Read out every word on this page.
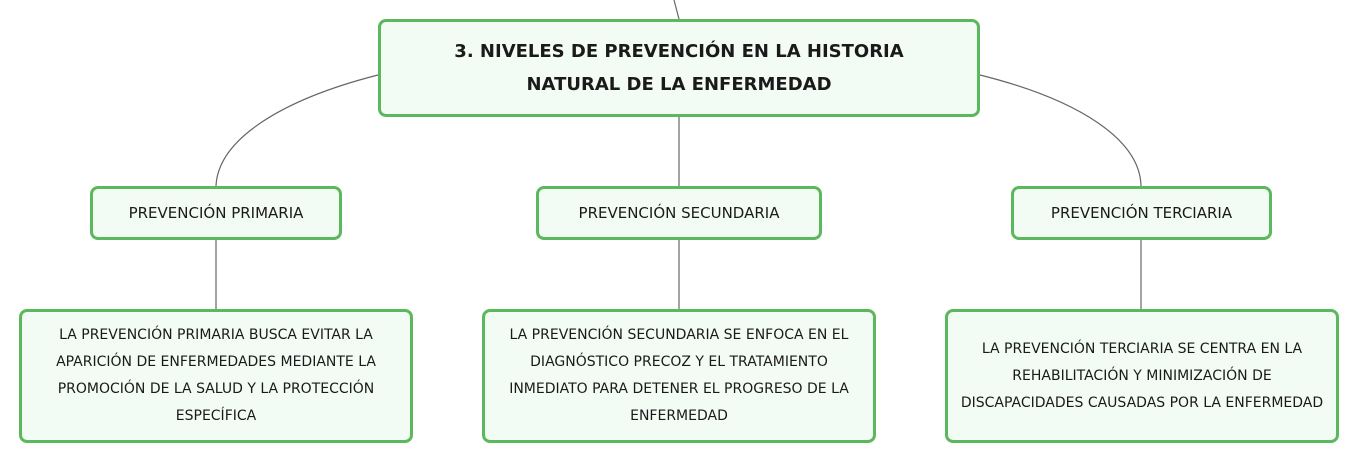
3. NIVELES DE PREVENCIÓN EN LA HISTORIA NATURAL DE LA ENFERMEDAD
PREVENCIÓN PRIMARIA	PREVENCIÓN SECUNDARIA	PREVENCIÓN TERCIARIA
LA PREVENCIÓN PRIMARIA BUSCA EVITAR LA APARICIÓN DE ENFERMEDADES MEDIANTE LA PROMOCIÓN DE LA SALUD Y LA PROTECCIÓN ESPECÍFICA
LA PREVENCIÓN SECUNDARIA SE ENFOCA EN EL DIAGNÓSTICO PRECOZ Y EL TRATAMIENTO INMEDIATO PARA DETENER EL PROGRESO DE LA ENFERMEDAD
LA PREVENCIÓN TERCIARIA SE CENTRA EN LA REHABILITACIÓN Y MINIMIZACIÓN DE DISCAPACIDADES CAUSADAS POR LA ENFERMEDAD
